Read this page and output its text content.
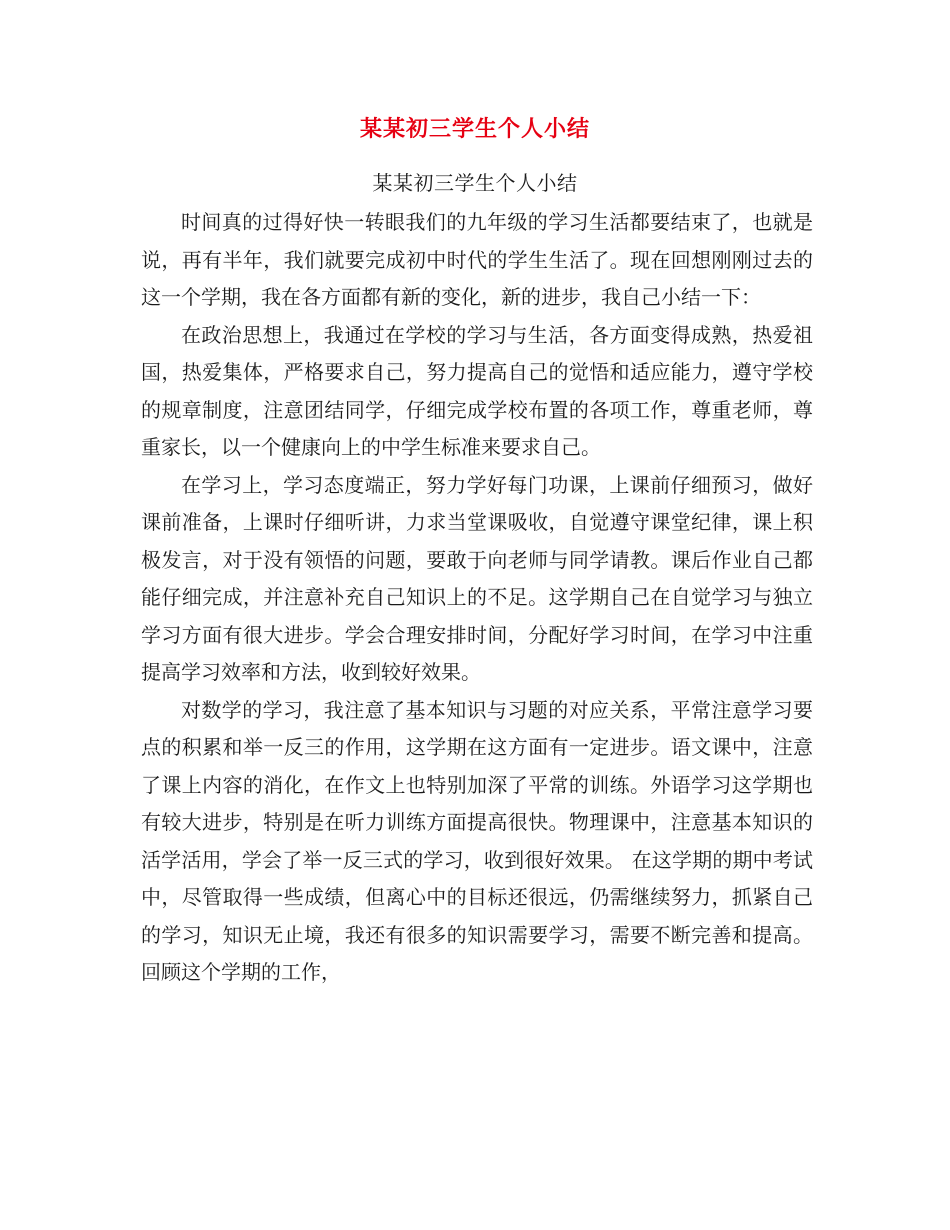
某某初三学生个人小结
某某初三学生个人小结

时间真的过得好快一转眼我们的九年级的学习生活都要结束了，也就是说，再有半年，我们就要完成初中时代的学生生活了。现在回想刚刚过去的这一个学期，我在各方面都有新的变化，新的进步，我自己小结一下：

在政治思想上，我通过在学校的学习与生活，各方面变得成熟，热爱祖国，热爱集体，严格要求自己，努力提高自己的觉悟和适应能力，遵守学校的规章制度，注意团结同学，仔细完成学校布置的各项工作，尊重老师，尊重家长，以一个健康向上的中学生标准来要求自己。

在学习上，学习态度端正，努力学好每门功课，上课前仔细预习，做好课前准备，上课时仔细听讲，力求当堂课吸收，自觉遵守课堂纪律，课上积极发言，对于没有领悟的问题，要敢于向老师与同学请教。课后作业自己都能仔细完成，并注意补充自己知识上的不足。这学期自己在自觉学习与独立学习方面有很大进步。学会合理安排时间，分配好学习时间，在学习中注重提高学习效率和方法，收到较好效果。

对数学的学习，我注意了基本知识与习题的对应关系，平常注意学习要点的积累和举一反三的作用，这学期在这方面有一定进步。语文课中，注意了课上内容的消化，在作文上也特别加深了平常的训练。外语学习这学期也有较大进步，特别是在听力训练方面提高很快。物理课中，注意基本知识的活学活用，学会了举一反三式的学习，收到很好效果。 在这学期的期中考试中，尽管取得一些成绩，但离心中的目标还很远，仍需继续努力，抓紧自己的学习，知识无止境，我还有很多的知识需要学习，需要不断完善和提高。 回顾这个学期的工作，
